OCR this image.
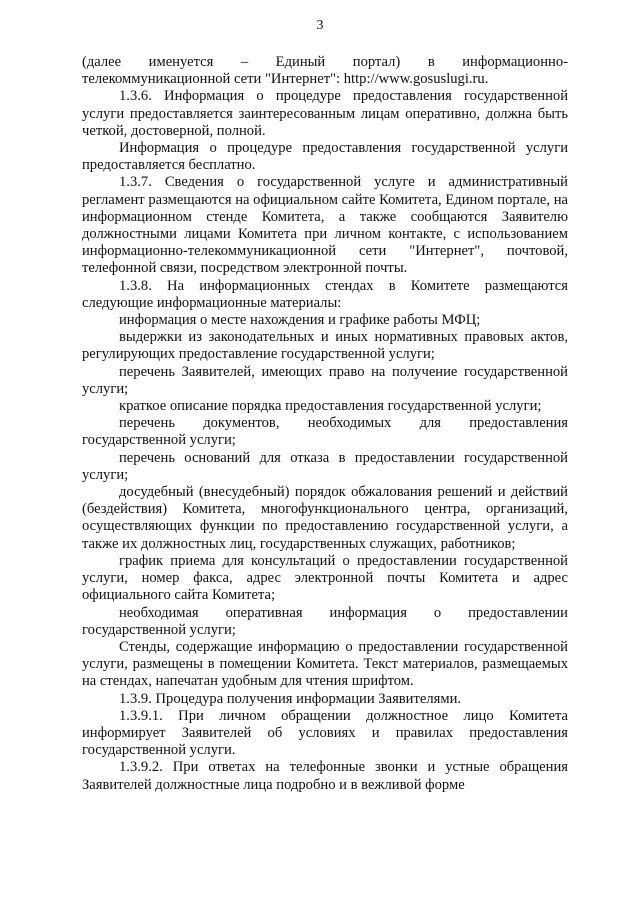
3

(далее именуется – Единый портал) в информационно-телекоммуникационной сети "Интернет": http://www.gosuslugi.ru.

1.3.6. Информация о процедуре предоставления государственной услуги предоставляется заинтересованным лицам оперативно, должна быть четкой, достоверной, полной.

Информация о процедуре предоставления государственной услуги предоставляется бесплатно.

1.3.7. Сведения о государственной услуге и административный регламент размещаются на официальном сайте Комитета, Едином портале, на информационном стенде Комитета, а также сообщаются Заявителю должностными лицами Комитета при личном контакте, с использованием информационно-телекоммуникационной сети "Интернет", почтовой, телефонной связи, посредством электронной почты.

1.3.8. На информационных стендах в Комитете размещаются следующие информационные материалы:

информация о месте нахождения и графике работы МФЦ;

выдержки из законодательных и иных нормативных правовых актов, регулирующих предоставление государственной услуги;

перечень Заявителей, имеющих право на получение государственной услуги;

краткое описание порядка предоставления государственной услуги;

перечень документов, необходимых для предоставления государственной услуги;

перечень оснований для отказа в предоставлении государственной услуги;

досудебный (внесудебный) порядок обжалования решений и действий (бездействия) Комитета, многофункционального центра, организаций, осуществляющих функции по предоставлению государственной услуги, а также их должностных лиц, государственных служащих, работников;

график приема для консультаций о предоставлении государственной услуги, номер факса, адрес электронной почты Комитета и адрес официального сайта Комитета;

необходимая оперативная информация о предоставлении государственной услуги;

Стенды, содержащие информацию о предоставлении государственной услуги, размещены в помещении Комитета. Текст материалов, размещаемых на стендах, напечатан удобным для чтения шрифтом.

1.3.9. Процедура получения информации Заявителями.

1.3.9.1. При личном обращении должностное лицо Комитета информирует Заявителей об условиях и правилах предоставления государственной услуги.

1.3.9.2. При ответах на телефонные звонки и устные обращения Заявителей должностные лица подробно и в вежливой форме
